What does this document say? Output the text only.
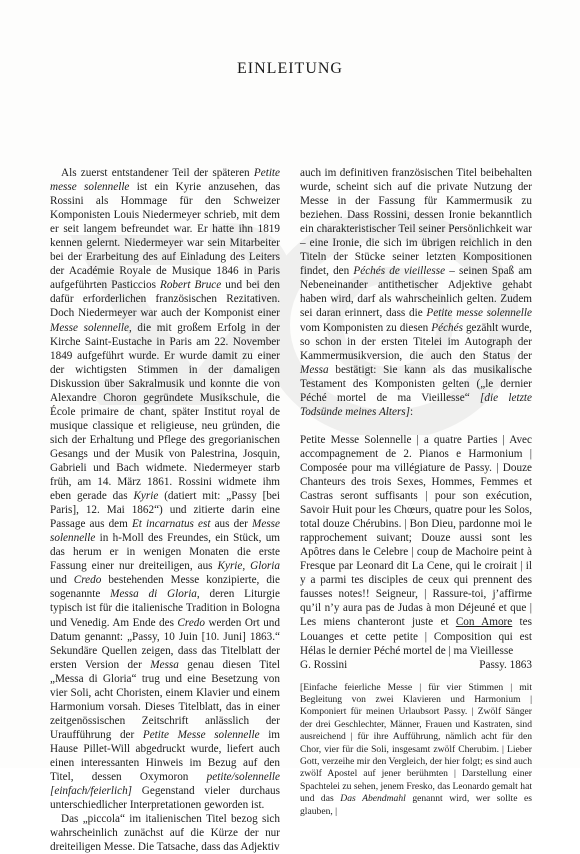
EINLEITUNG

Als zuerst entstandener Teil der späteren Petite messe solennelle ist ein Kyrie anzusehen, das Rossini als Hommage für den Schweizer Komponisten Louis Niedermeyer schrieb, mit dem er seit langem befreundet war. Er hatte ihn 1819 kennen gelernt. Niedermeyer war sein Mitarbeiter bei der Erarbeitung des auf Einladung des Leiters der Académie Royale de Musique 1846 in Paris aufgeführten Pasticcios Robert Bruce und bei den dafür erforderlichen französischen Rezitativen. Doch Niedermeyer war auch der Komponist einer Messe solennelle, die mit großem Erfolg in der Kirche Saint-Eustache in Paris am 22. November 1849 aufgeführt wurde. Er wurde damit zu einer der wichtigsten Stimmen in der damaligen Diskussion über Sakralmusik und konnte die von Alexandre Choron gegründete Musikschule, die École primaire de chant, später Institut royal de musique classique et religieuse, neu gründen, die sich der Erhaltung und Pflege des gregorianischen Gesangs und der Musik von Palestrina, Josquin, Gabrieli und Bach widmete. Niedermeyer starb früh, am 14. März 1861. Rossini widmete ihm eben gerade das Kyrie (datiert mit: „Passy [bei Paris], 12. Mai 1862“) und zitierte darin eine Passage aus dem Et incarnatus est aus der Messe solennelle in h-Moll des Freundes, ein Stück, um das herum er in wenigen Monaten die erste Fassung einer nur dreiteiligen, aus Kyrie, Gloria und Credo bestehenden Messe konzipierte, die sogenannte Messa di Gloria, deren Liturgie typisch ist für die italienische Tradition in Bologna und Venedig. Am Ende des Credo werden Ort und Datum genannt: „Passy, 10 Juin [10. Juni] 1863.“ Sekundäre Quellen zeigen, dass das Titelblatt der ersten Version der Messa genau diesen Titel „Messa di Gloria“ trug und eine Besetzung von vier Soli, acht Choristen, einem Klavier und einem Harmonium vorsah. Dieses Titelblatt, das in einer zeitgenössischen Zeitschrift anlässlich der Uraufführung der Petite Messe solennelle im Hause Pillet-Will abgedruckt wurde, liefert auch einen interessanten Hinweis im Bezug auf den Titel, dessen Oxymoron petite/solennelle [einfach/feierlich] Gegenstand vieler durchaus unterschiedlicher Interpretationen geworden ist.

Das „piccola“ im italienischen Titel bezog sich wahrscheinlich zunächst auf die Kürze der nur dreiteiligen Messe. Die Tatsache, dass das Adjektiv

auch im definitiven französischen Titel beibehalten wurde, scheint sich auf die private Nutzung der Messe in der Fassung für Kammermusik zu beziehen. Dass Rossini, dessen Ironie bekanntlich ein charakteristischer Teil seiner Persönlichkeit war – eine Ironie, die sich im übrigen reichlich in den Titeln der Stücke seiner letzten Kompositionen findet, den Péchés de vieillesse – seinen Spaß am Nebeneinander antithetischer Adjektive gehabt haben wird, darf als wahrscheinlich gelten. Zudem sei daran erinnert, dass die Petite messe solennelle vom Komponisten zu diesen Péchés gezählt wurde, so schon in der ersten Titelei im Autograph der Kammermusikversion, die auch den Status der Messa bestätigt: Sie kann als das musikalische Testament des Komponisten gelten („le dernier Péché mortel de ma Vieillesse“ [die letzte Todsünde meines Alters]:

Petite Messe Solennelle | a quatre Parties | Avec accompagnement de 2. Pianos e Harmonium | Composée pour ma villégiature de Passy. | Douze Chanteurs des trois Sexes, Hommes, Femmes et Castras seront suffisants | pour son exécution, Savoir Huit pour les Chœurs, quatre pour les Solos, total douze Chérubins. | Bon Dieu, pardonne moi le rapprochement suivant; Douze aussi sont les Apôtres dans le Celebre | coup de Machoire peint à Fresque par Leonard dit La Cene, qui le croirait | il y a parmi tes disciples de ceux qui prennent des fausses notes!! Seigneur, | Rassure-toi, j’affirme qu’il n’y aura pas de Judas à mon Déjeuné et que | Les miens chanteront juste et Con Amore tes Louanges et cette petite | Composition qui est Hélas le dernier Péché mortel de | ma Vieillesse

G. Rossini	Passy. 1863

[Einfache feierliche Messe | für vier Stimmen | mit Begleitung von zwei Klavieren und Harmonium | Komponiert für meinen Urlaubsort Passy. | Zwölf Sänger der drei Geschlechter, Männer, Frauen und Kastraten, sind ausreichend | für ihre Aufführung, nämlich acht für den Chor, vier für die Soli, insgesamt zwölf Cherubim. | Lieber Gott, verzeihe mir den Vergleich, der hier folgt; es sind auch zwölf Apostel auf jener berühmten | Darstellung einer Spachtelei zu sehen, jenem Fresko, das Leonardo gemalt hat und das Das Abendmahl genannt wird, wer sollte es glauben, |
